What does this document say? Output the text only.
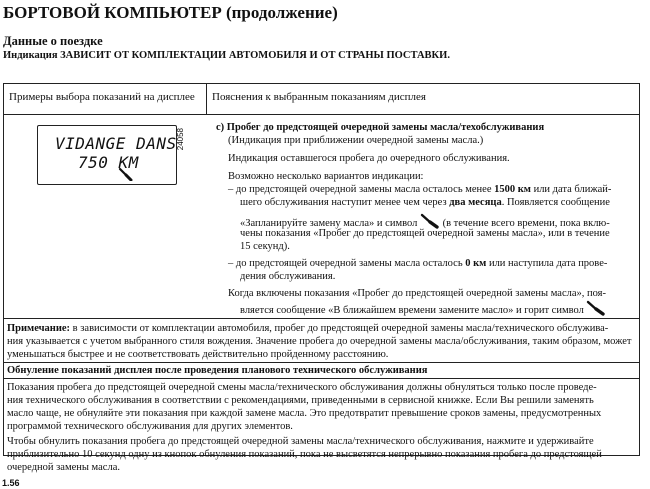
БОРТОВОЙ КОМПЬЮТЕР (продолжение)
Данные о поездке
Индикация ЗАВИСИТ ОТ КОМПЛЕКТАЦИИ АВТОМОБИЛЯ И ОТ СТРАНЫ ПОСТАВКИ.
Примеры выбора показаний на дисплее Пояснения к выбранным показаниям дисплея
VIDANGE DANS
750 KM
24058
c) Пробег до предстоящей очередной замены масла/техобслуживания
(Индикация при приближении очередной замены масла.)
Индикация оставшегося пробега до очередного обслуживания.
Возможно несколько вариантов индикации:
– до предстоящей очередной замены масла осталось менее 1500 км или дата ближай-
шего обслуживания наступит менее чем через два месяца. Появляется сообщение
«Запланируйте замену масла» и символ (в течение всего времени, пока вклю-
чены показания «Пробег до предстоящей очередной замены масла», или в течение
15 секунд).
– до предстоящей очередной замены масла осталось 0 км или наступила дата прове-
дения обслуживания.
Когда включены показания «Пробег до предстоящей очередной замены масла», поя-
вляется сообщение «В ближайшем времени замените масло» и горит символ
Примечание: в зависимости от комплектации автомобиля, пробег до предстоящей очередной замены масла/технического обслужива-
ния указывается с учетом выбранного стиля вождения. Значение пробега до очередной замены масла/обслуживания, таким образом, может
уменьшаться быстрее и не соответствовать действительно пройденному расстоянию.
Обнуление показаний дисплея после проведения планового технического обслуживания
Показания пробега до предстоящей очередной смены масла/технического обслуживания должны обнуляться только после проведе-
ния технического обслуживания в соответствии с рекомендациями, приведенными в сервисной книжке. Если Вы решили заменять
масло чаще, не обнуляйте эти показания при каждой замене масла. Это предотвратит превышение сроков замены, предусмотренных
программой технического обслуживания для других элементов.
Чтобы обнулить показания пробега до предстоящей очередной замены масла/технического обслуживания, нажмите и удерживайте
приблизительно 10 секунд одну из кнопок обнуления показаний, пока не высветятся непрерывно показания пробега до предстоящей
очередной замены масла.
1.56
